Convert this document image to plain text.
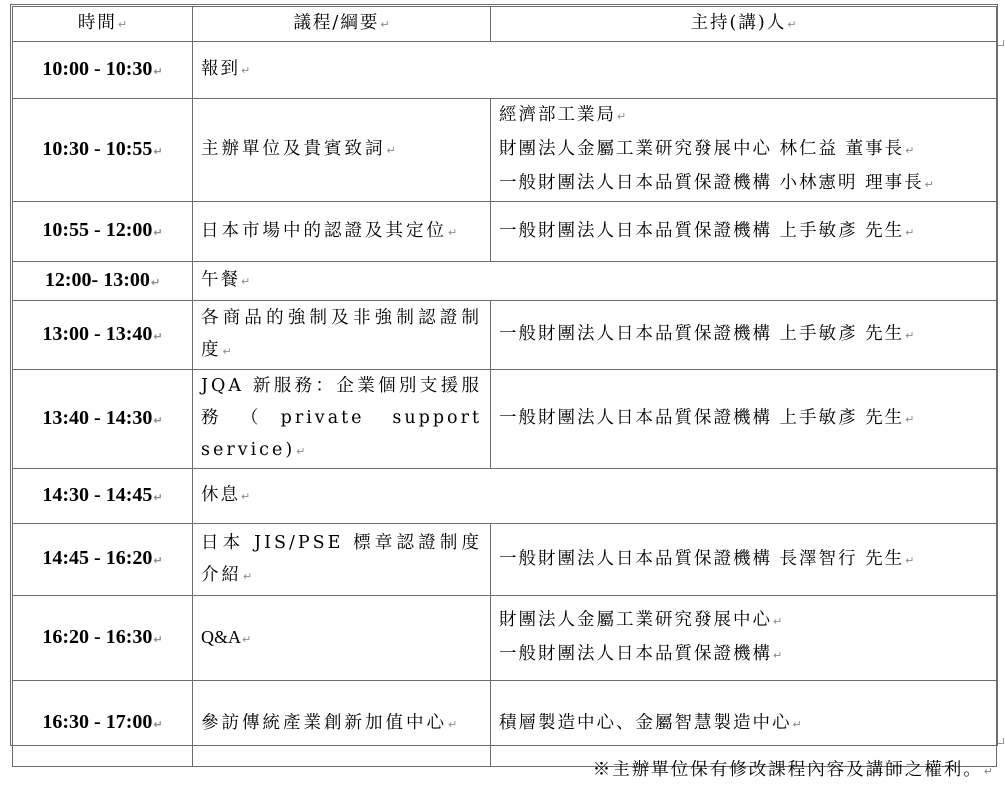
時間↵	議程/綱要↵	主持(講)人↵
10:00 - 10:30↵	報到↵	
10:30 - 10:55↵	主辦單位及貴賓致詞↵	經濟部工業局↵
財團法人金屬工業研究發展中心 林仁益 董事長↵
一般財團法人日本品質保證機構 小林憲明 理事長↵

10:55 - 12:00↵	日本市場中的認證及其定位↵	一般財團法人日本品質保證機構 上手敏彥 先生↵
12:00- 13:00↵	午餐↵	
13:00 - 13:40↵	各商品的強制及非強制認證制度↵	一般財團法人日本品質保證機構 上手敏彥 先生↵
13:40 - 14:30↵	JQA 新服務：企業個別支援服務（private support service)↵	一般財團法人日本品質保證機構 上手敏彥 先生↵
14:30 - 14:45↵	休息↵	
14:45 - 16:20↵	日本 JIS/PSE 標章認證制度介紹↵	一般財團法人日本品質保證機構 長澤智行 先生↵
16:20 - 16:30↵	Q&A↵	財團法人金屬工業研究發展中心↵
一般財團法人日本品質保證機構↵

16:30 - 17:00↵	參訪傳統產業創新加值中心↵	積層製造中心、金屬智慧製造中心↵
※主辦單位保有修改課程內容及講師之權利。↵
